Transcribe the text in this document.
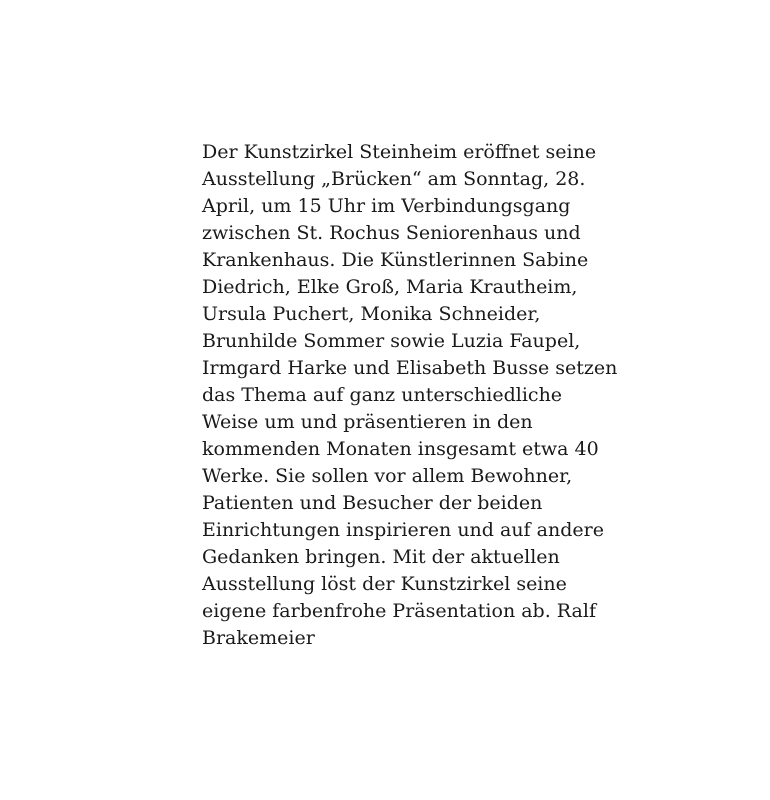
Der Kunstzirkel Steinheim eröffnet seine
Ausstellung „Brücken“ am Sonntag, 28.
April, um 15 Uhr im Verbindungsgang
zwischen St. Rochus Seniorenhaus und
Krankenhaus. Die Künstlerinnen Sabine
Diedrich, Elke Groß, Maria Krautheim,
Ursula Puchert, Monika Schneider,
Brunhilde Sommer sowie Luzia Faupel,
Irmgard Harke und Elisabeth Busse setzen
das Thema auf ganz unterschiedliche
Weise um und präsentieren in den
kommenden Monaten insgesamt etwa 40
Werke. Sie sollen vor allem Bewohner,
Patienten und Besucher der beiden
Einrichtungen inspirieren und auf andere
Gedanken bringen. Mit der aktuellen
Ausstellung löst der Kunstzirkel seine
eigene farbenfrohe Präsentation ab. Ralf
Brakemeier
